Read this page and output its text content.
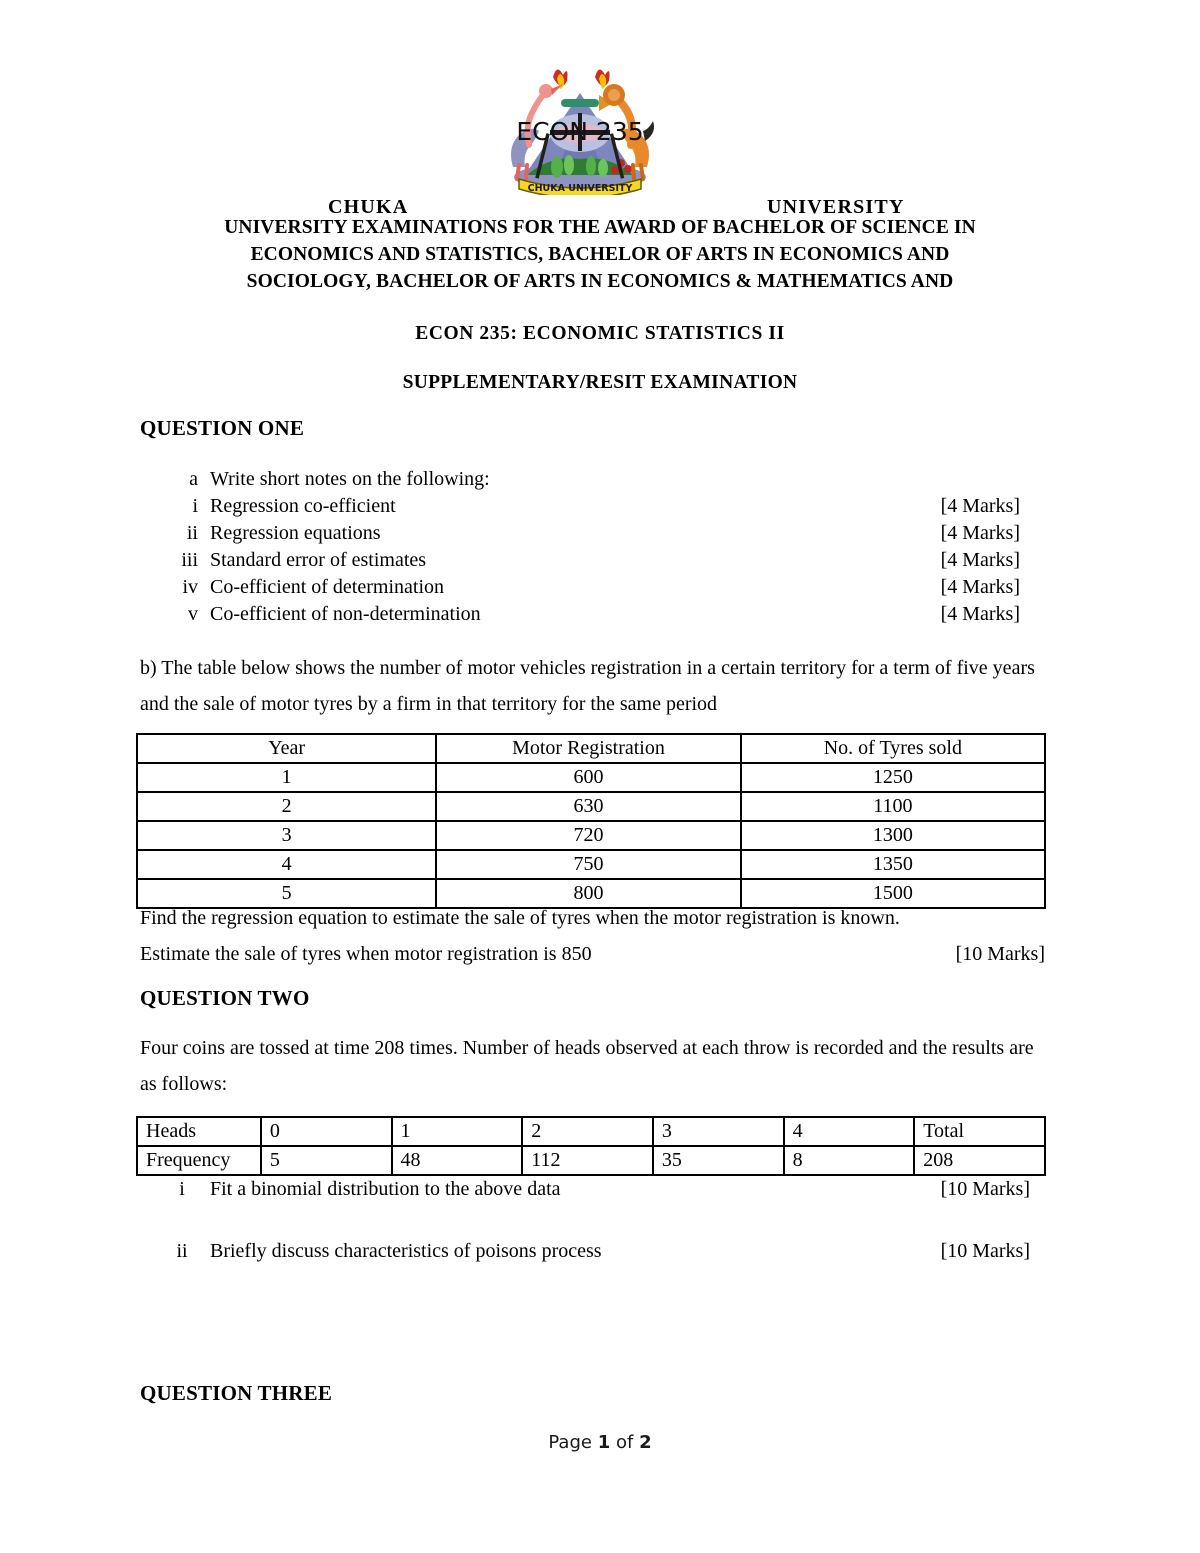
CHUKA UNIVERSITY
ECON 235
CHUKA	UNIVERSITY
UNIVERSITY EXAMINATIONS FOR THE AWARD OF BACHELOR OF SCIENCE IN
ECONOMICS AND STATISTICS, BACHELOR OF ARTS IN ECONOMICS AND
SOCIOLOGY, BACHELOR OF ARTS IN ECONOMICS & MATHEMATICS AND
ECON 235: ECONOMIC STATISTICS II
SUPPLEMENTARY/RESIT EXAMINATION
QUESTION ONE
a Write short notes on the following:
i Regression co-efficient	[4 Marks]
ii Regression equations	[4 Marks]
iii Standard error of estimates	[4 Marks]
iv Co-efficient of determination	[4 Marks]
v Co-efficient of non-determination	[4 Marks]
b) The table below shows the number of motor vehicles registration in a certain territory for a term of five years and the sale of motor tyres by a firm in that territory for the same period
Year	Motor Registration	No. of Tyres sold
1	600	1250
2	630	1100
3	720	1300
4	750	1350
5	800	1500
Find the regression equation to estimate the sale of tyres when the motor registration is known.
Estimate the sale of tyres when motor registration is 850	[10 Marks]
QUESTION TWO
Four coins are tossed at time 208 times. Number of heads observed at each throw is recorded and the results are as follows:
Heads	0	1	2	3	4	Total
Frequency	5	48	112	35	8	208
i	Fit a binomial distribution to the above data	[10 Marks]
ii	Briefly discuss characteristics of poisons process	[10 Marks]
QUESTION THREE
Page 1 of 2
